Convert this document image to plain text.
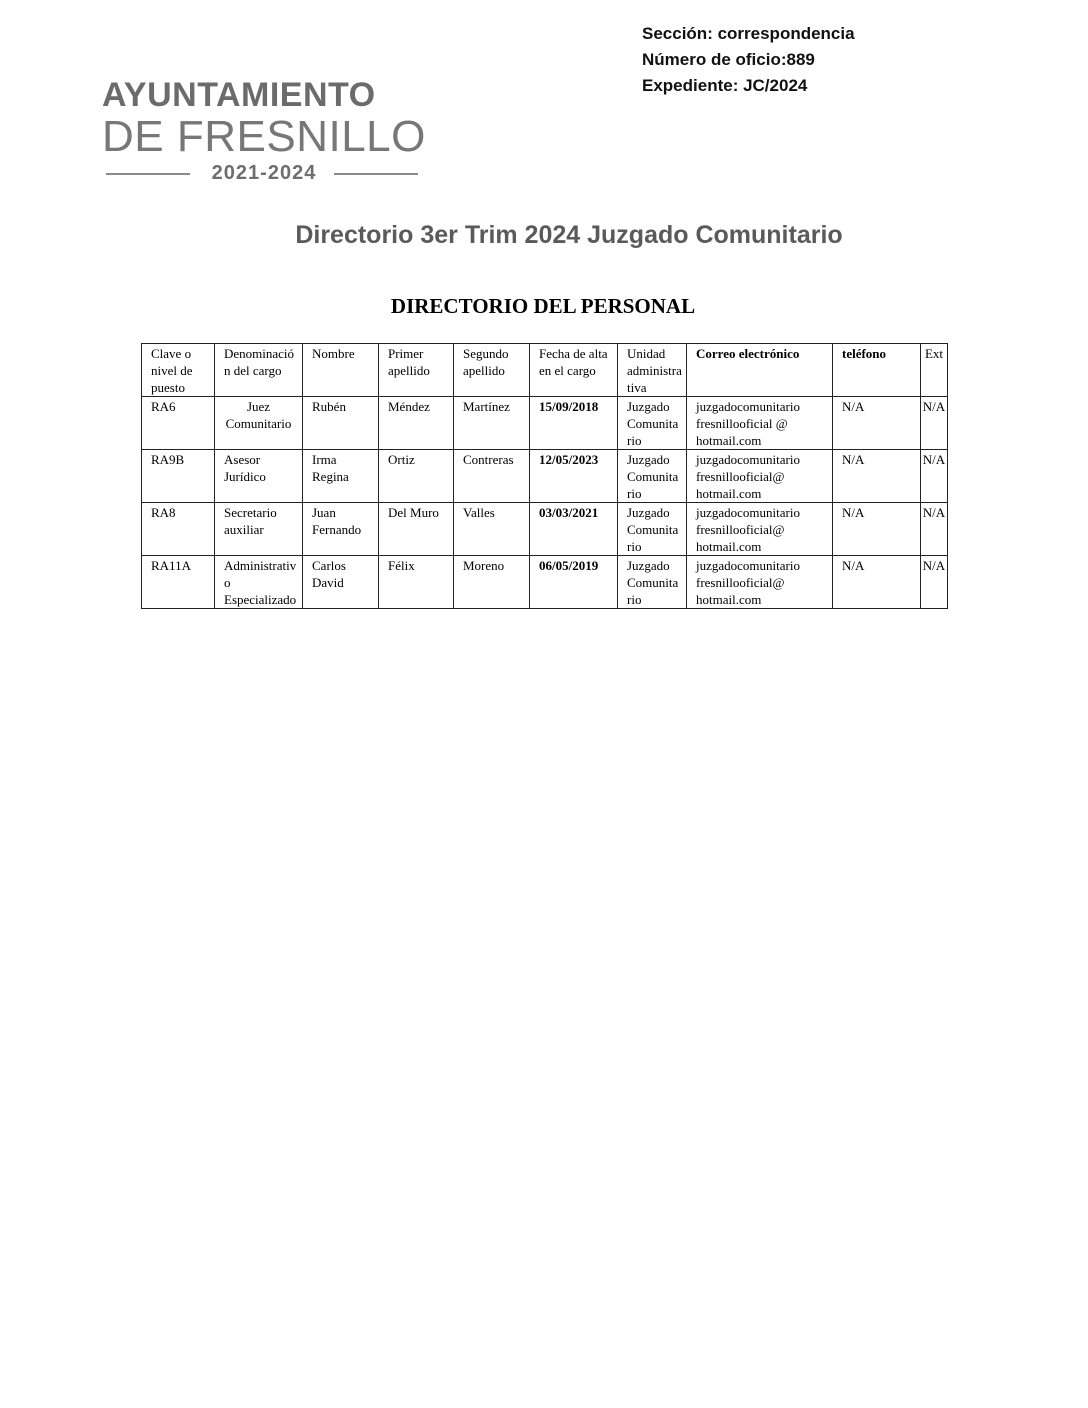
Sección: correspondencia
Número de oficio:889
Expediente: JC/2024
AYUNTAMIENTO
DE FRESNILLO
2021-2024
Directorio 3er Trim 2024 Juzgado Comunitario
DIRECTORIO DEL PERSONAL
Clave o nivel de puesto	Denominación del cargo	Nombre	Primer apellido	Segundo apellido	Fecha de alta en el cargo	Unidad administrativa	Correo electrónico	teléfono	Ext
RA6	Juez Comunitario	Rubén	Méndez	Martínez	15/09/2018	Juzgado Comunitario	juzgadocomunitario fresnillooficial @ hotmail.com	N/A	N/A
RA9B	Asesor Jurídico	Irma Regina	Ortiz	Contreras	12/05/2023	Juzgado Comunitario	juzgadocomunitario fresnillooficial@ hotmail.com	N/A	N/A
RA8	Secretario auxiliar	Juan Fernando	Del Muro	Valles	03/03/2021	Juzgado Comunitario	juzgadocomunitario fresnillooficial@ hotmail.com	N/A	N/A
RA11A	Administrativo Especializado	Carlos David	Félix	Moreno	06/05/2019	Juzgado Comunitario	juzgadocomunitario fresnillooficial@ hotmail.com	N/A	N/A
